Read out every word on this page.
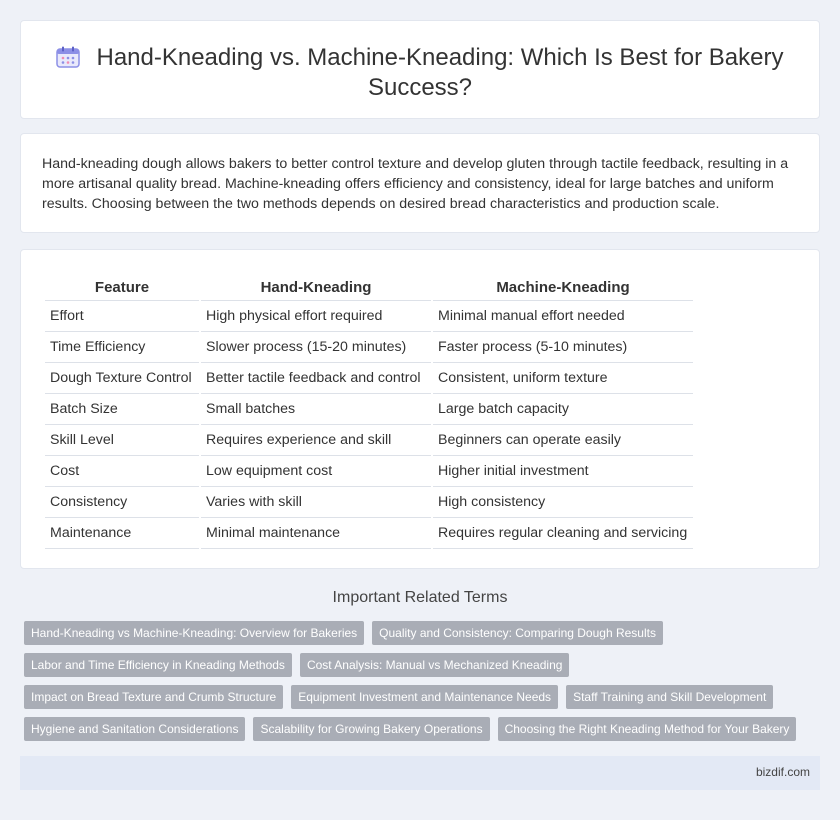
Hand-Kneading vs. Machine-Kneading: Which Is Best for Bakery Success?

Hand-kneading dough allows bakers to better control texture and develop gluten through tactile feedback, resulting in a more artisanal quality bread. Machine-kneading offers efficiency and consistency, ideal for large batches and uniform results. Choosing between the two methods depends on desired bread characteristics and production scale.

Feature	Hand-Kneading	Machine-Kneading
Effort	High physical effort required	Minimal manual effort needed
Time Efficiency	Slower process (15-20 minutes)	Faster process (5-10 minutes)
Dough Texture Control	Better tactile feedback and control	Consistent, uniform texture
Batch Size	Small batches	Large batch capacity
Skill Level	Requires experience and skill	Beginners can operate easily
Cost	Low equipment cost	Higher initial investment
Consistency	Varies with skill	High consistency
Maintenance	Minimal maintenance	Requires regular cleaning and servicing
Important Related Terms
Hand-Kneading vs Machine-Kneading: Overview for Bakeries	Quality and Consistency: Comparing Dough Results
Labor and Time Efficiency in Kneading Methods	Cost Analysis: Manual vs Mechanized Kneading
Impact on Bread Texture and Crumb Structure	Equipment Investment and Maintenance Needs	Staff Training and Skill Development
Hygiene and Sanitation Considerations	Scalability for Growing Bakery Operations	Choosing the Right Kneading Method for Your Bakery
bizdif.com
